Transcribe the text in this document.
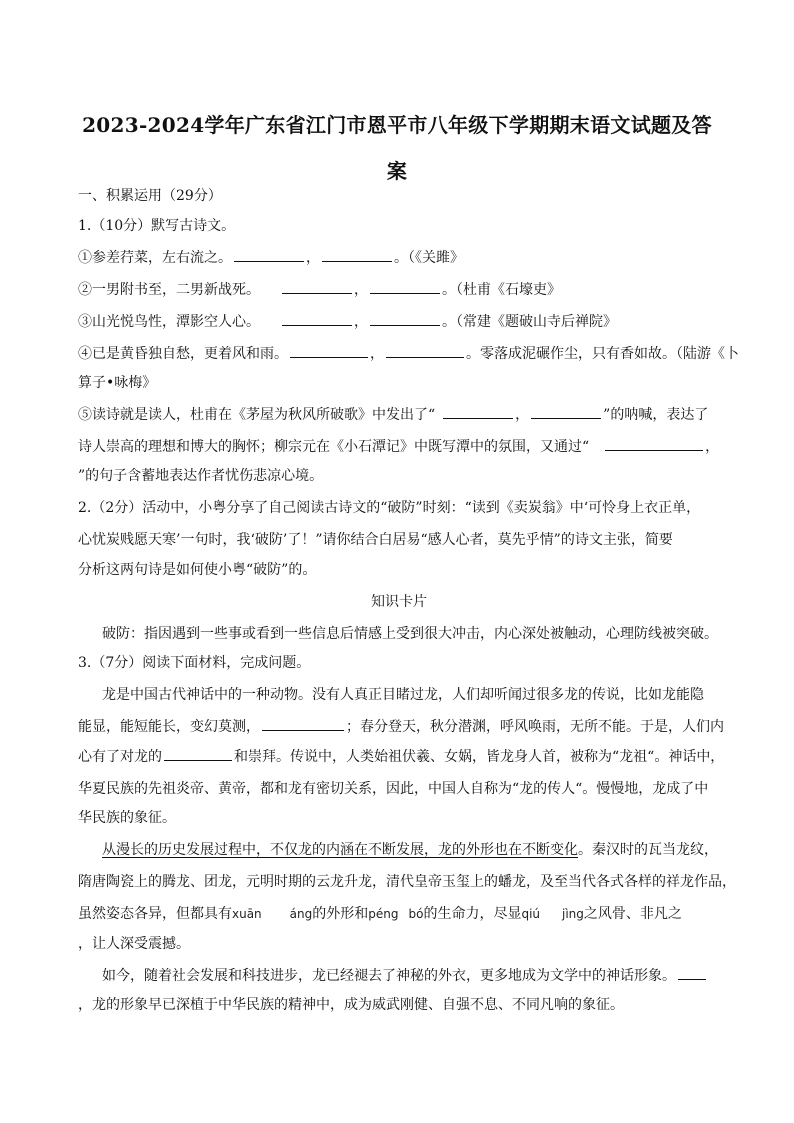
2023-2024学年广东省江门市恩平市八年级下学期期末语文试题及答
案
一、积累运用（29分）
1.（10分）默写古诗文。
①参差荇菜，左右流之。	，	。（《关雎》
②一男附书至，二男新战死。	，	。（杜甫《石壕吏》
③山光悦鸟性，潭影空人心。	，	。（常建《题破山寺后禅院》
④已是黄昏独自愁，更着风和雨。	，	。零落成泥碾作尘，只有香如故。（陆游《卜
算子•咏梅》
⑤读诗就是读人，杜甫在《茅屋为秋风所破歌》中发出了“	，	”的呐喊，表达了
诗人崇高的理想和博大的胸怀；柳宗元在《小石潭记》中既写潭中的氛围，又通过“	，
”的句子含蓄地表达作者忧伤悲凉心境。
2.（2分）活动中，小粤分享了自己阅读古诗文的“破防”时刻：“读到《卖炭翁》中‘可怜身上衣正单，
心忧炭贱愿天寒’一句时，我‘破防’了！”请你结合白居易“感人心者，莫先乎情”的诗文主张，简要
分析这两句诗是如何使小粤“破防”的。
知识卡片
破防：指因遇到一些事或看到一些信息后情感上受到很大冲击，内心深处被触动，心理防线被突破。
3.（7分）阅读下面材料，完成问题。
龙是中国古代神话中的一种动物。没有人真正目睹过龙，人们却听闻过很多龙的传说，比如龙能隐
能显，能短能长，变幻莫测，	；春分登天，秋分潜渊，呼风唤雨，无所不能。于是，人们内
心有了对龙的	和崇拜。传说中，人类始祖伏羲、女娲，皆龙身人首，被称为“龙祖“。神话中，
华夏民族的先祖炎帝、黄帝，都和龙有密切关系，因此，中国人自称为“龙的传人“。慢慢地，龙成了中
华民族的象征。
从漫长的历史发展过程中，不仅龙的内涵在不断发展，龙的外形也在不断变化。秦汉时的瓦当龙纹，
隋唐陶瓷上的腾龙、团龙，元明时期的云龙升龙，清代皇帝玉玺上的蟠龙，及至当代各式各样的祥龙作品，
虽然姿态各异，但都具有xuān áng的外形和péng bó的生命力，尽显qiú jìng之风骨、非凡之
，让人深受震撼。
如今，随着社会发展和科技进步，龙已经褪去了神秘的外衣，更多地成为文学中的神话形象。
，龙的形象早已深植于中华民族的精神中，成为威武刚健、自强不息、不同凡响的象征。
